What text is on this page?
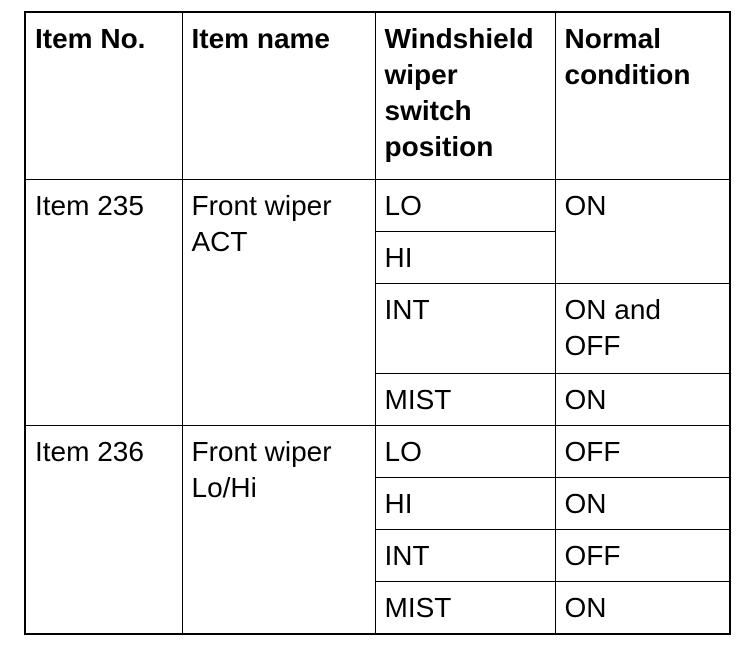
Item No.	Item name	Windshield wiper switch position	Normal condition
Item 235	Front wiper ACT	LO	ON
		HI	
		INT	ON and OFF
		MIST	ON
Item 236	Front wiper Lo/Hi	LO	OFF
		HI	ON
		INT	OFF
		MIST	ON
